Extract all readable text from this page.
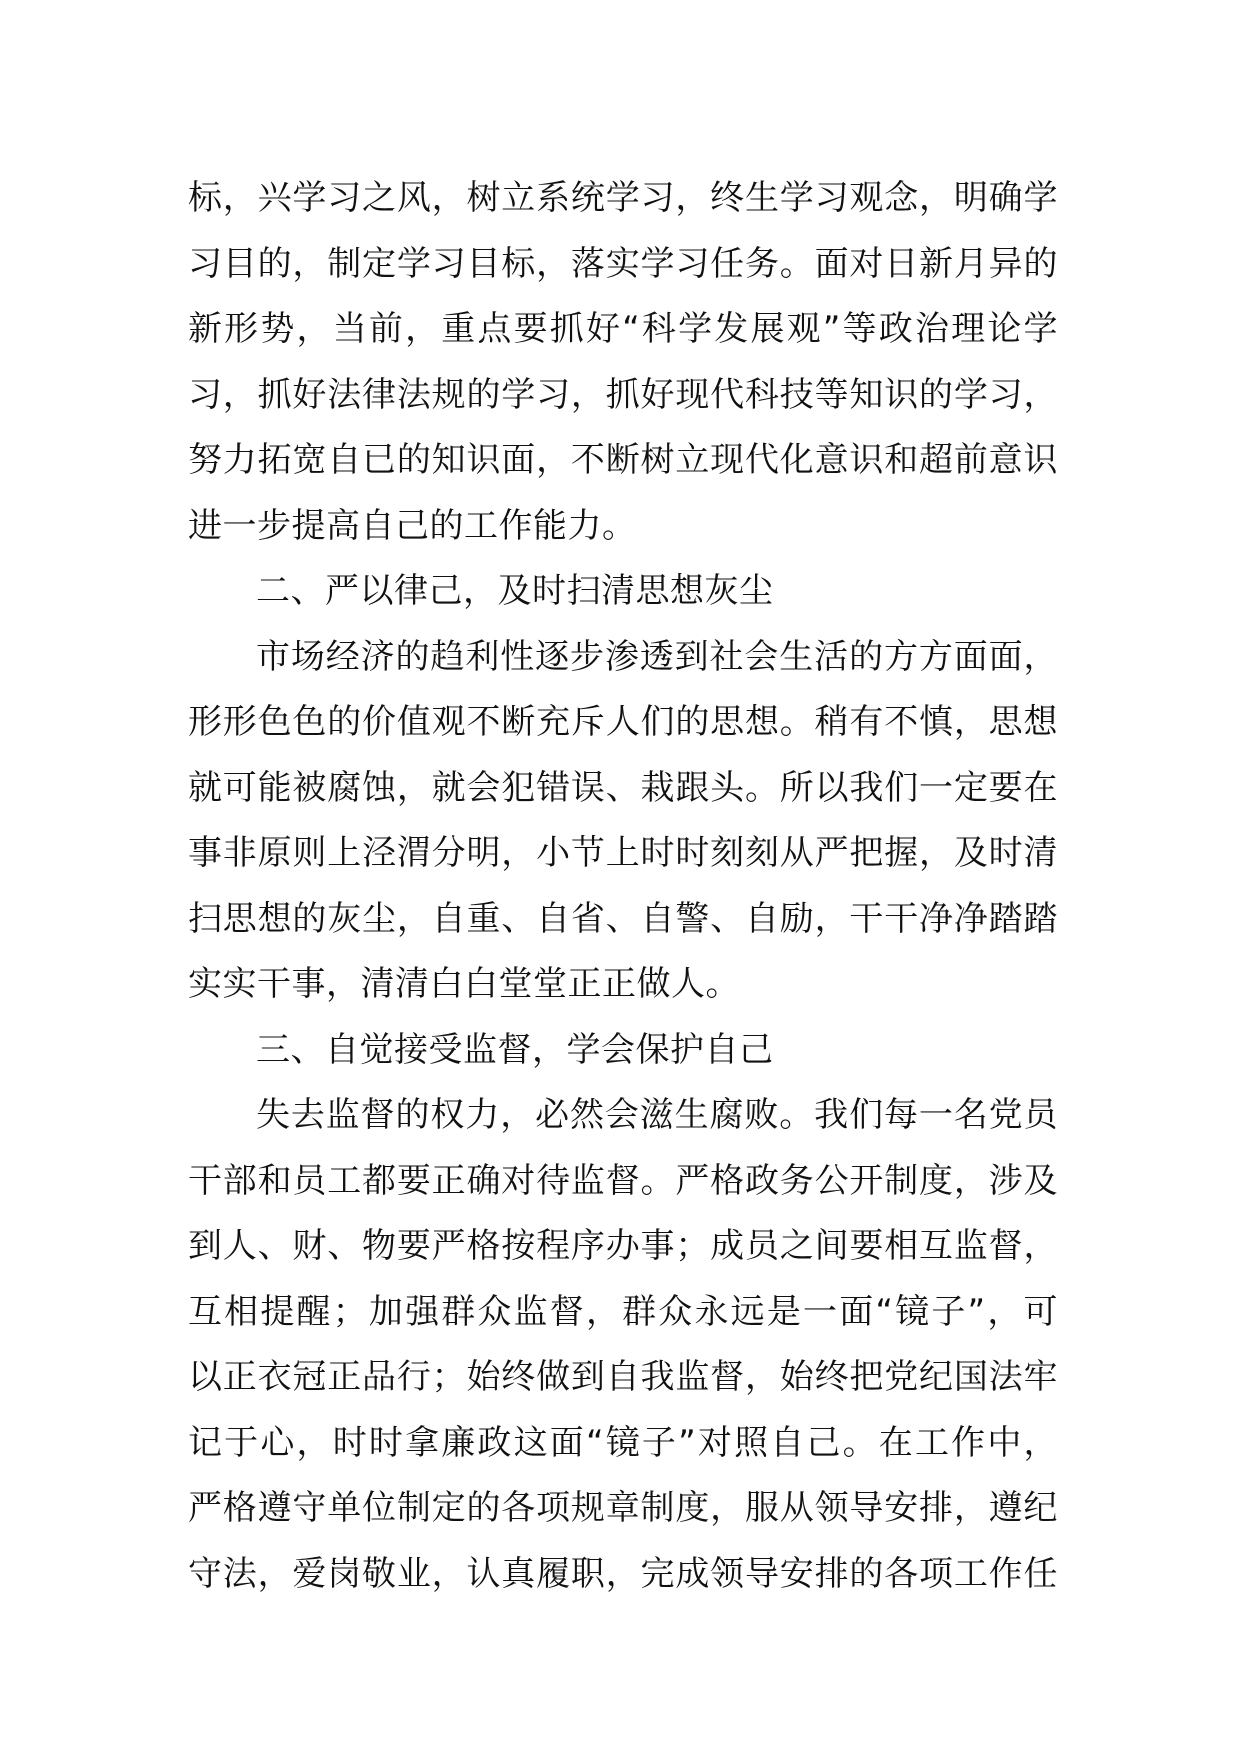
标，兴学习之风，树立系统学习，终生学习观念，明确学
习目的，制定学习目标，落实学习任务。面对日新月异的
新形势，当前，重点要抓好“科学发展观”等政治理论学
习，抓好法律法规的学习，抓好现代科技等知识的学习，
努力拓宽自已的知识面，不断树立现代化意识和超前意识
进一步提高自己的工作能力。
二、严以律己，及时扫清思想灰尘
市场经济的趋利性逐步渗透到社会生活的方方面面，
形形色色的价值观不断充斥人们的思想。稍有不慎，思想
就可能被腐蚀，就会犯错误、栽跟头。所以我们一定要在
事非原则上泾渭分明，小节上时时刻刻从严把握，及时清
扫思想的灰尘，自重、自省、自警、自励，干干净净踏踏
实实干事，清清白白堂堂正正做人。
三、自觉接受监督，学会保护自己
失去监督的权力，必然会滋生腐败。我们每一名党员
干部和员工都要正确对待监督。严格政务公开制度，涉及
到人、财、物要严格按程序办事；成员之间要相互监督，
互相提醒；加强群众监督，群众永远是一面“镜子”，可
以正衣冠正品行；始终做到自我监督，始终把党纪国法牢
记于心，时时拿廉政这面“镜子”对照自己。在工作中，
严格遵守单位制定的各项规章制度，服从领导安排，遵纪
守法，爱岗敬业，认真履职，完成领导安排的各项工作任
